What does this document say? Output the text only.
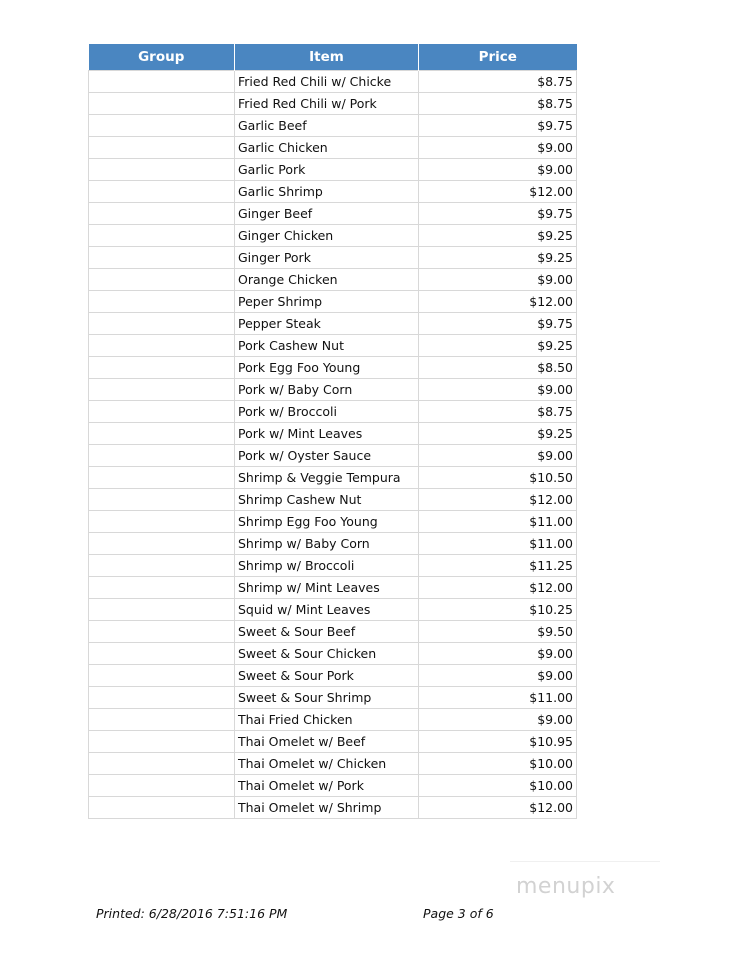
Group	Item	Price
	Fried Red Chili w/ Chicke	$8.75
	Fried Red Chili w/ Pork	$8.75
	Garlic Beef	$9.75
	Garlic Chicken	$9.00
	Garlic Pork	$9.00
	Garlic Shrimp	$12.00
	Ginger Beef	$9.75
	Ginger Chicken	$9.25
	Ginger Pork	$9.25
	Orange Chicken	$9.00
	Peper Shrimp	$12.00
	Pepper Steak	$9.75
	Pork Cashew Nut	$9.25
	Pork Egg Foo Young	$8.50
	Pork w/ Baby Corn	$9.00
	Pork w/ Broccoli	$8.75
	Pork w/ Mint Leaves	$9.25
	Pork w/ Oyster Sauce	$9.00
	Shrimp & Veggie Tempura	$10.50
	Shrimp Cashew Nut	$12.00
	Shrimp Egg Foo Young	$11.00
	Shrimp w/ Baby Corn	$11.00
	Shrimp w/ Broccoli	$11.25
	Shrimp w/ Mint Leaves	$12.00
	Squid w/ Mint Leaves	$10.25
	Sweet & Sour Beef	$9.50
	Sweet & Sour Chicken	$9.00
	Sweet & Sour Pork	$9.00
	Sweet & Sour Shrimp	$11.00
	Thai Fried Chicken	$9.00
	Thai Omelet w/ Beef	$10.95
	Thai Omelet w/ Chicken	$10.00
	Thai Omelet w/ Pork	$10.00
	Thai Omelet w/ Shrimp	$12.00
menupix
Printed: 6/28/2016 7:51:16 PM	Page 3 of 6
